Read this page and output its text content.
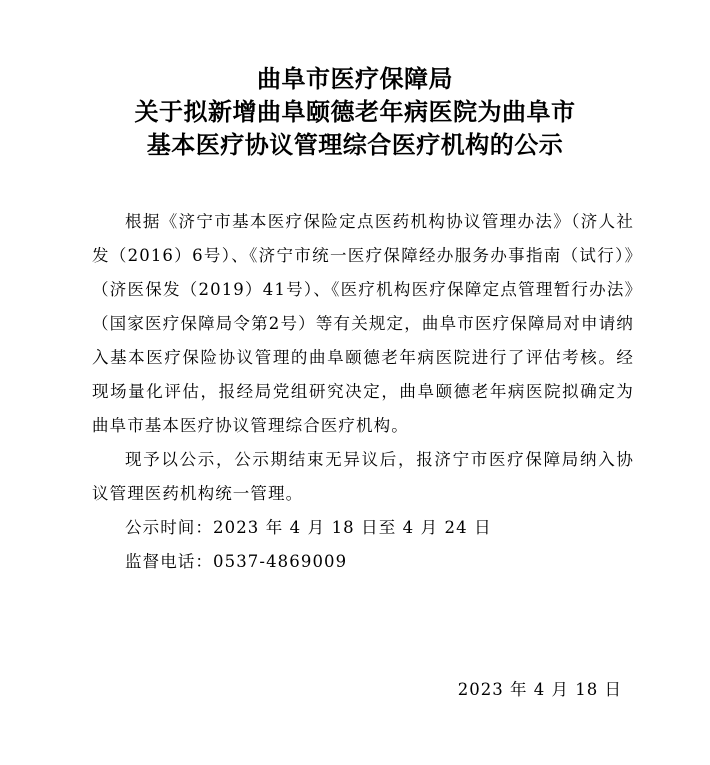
曲阜市医疗保障局
关于拟新增曲阜颐德老年病医院为曲阜市
基本医疗协议管理综合医疗机构的公示

根据《济宁市基本医疗保险定点医药机构协议管理办法》（济人社发（2016）6号）、《济宁市统一医疗保障经办服务办事指南（试行）》（济医保发（2019）41号）、《医疗机构医疗保障定点管理暂行办法》（国家医疗保障局令第2号）等有关规定，曲阜市医疗保障局对申请纳入基本医疗保险协议管理的曲阜颐德老年病医院进行了评估考核。经现场量化评估，报经局党组研究决定，曲阜颐德老年病医院拟确定为曲阜市基本医疗协议管理综合医疗机构。

现予以公示，公示期结束无异议后，报济宁市医疗保障局纳入协议管理医药机构统一管理。

公示时间：2023 年 4 月 18 日至 4 月 24 日

监督电话：0537-4869009

2023 年 4 月 18 日
